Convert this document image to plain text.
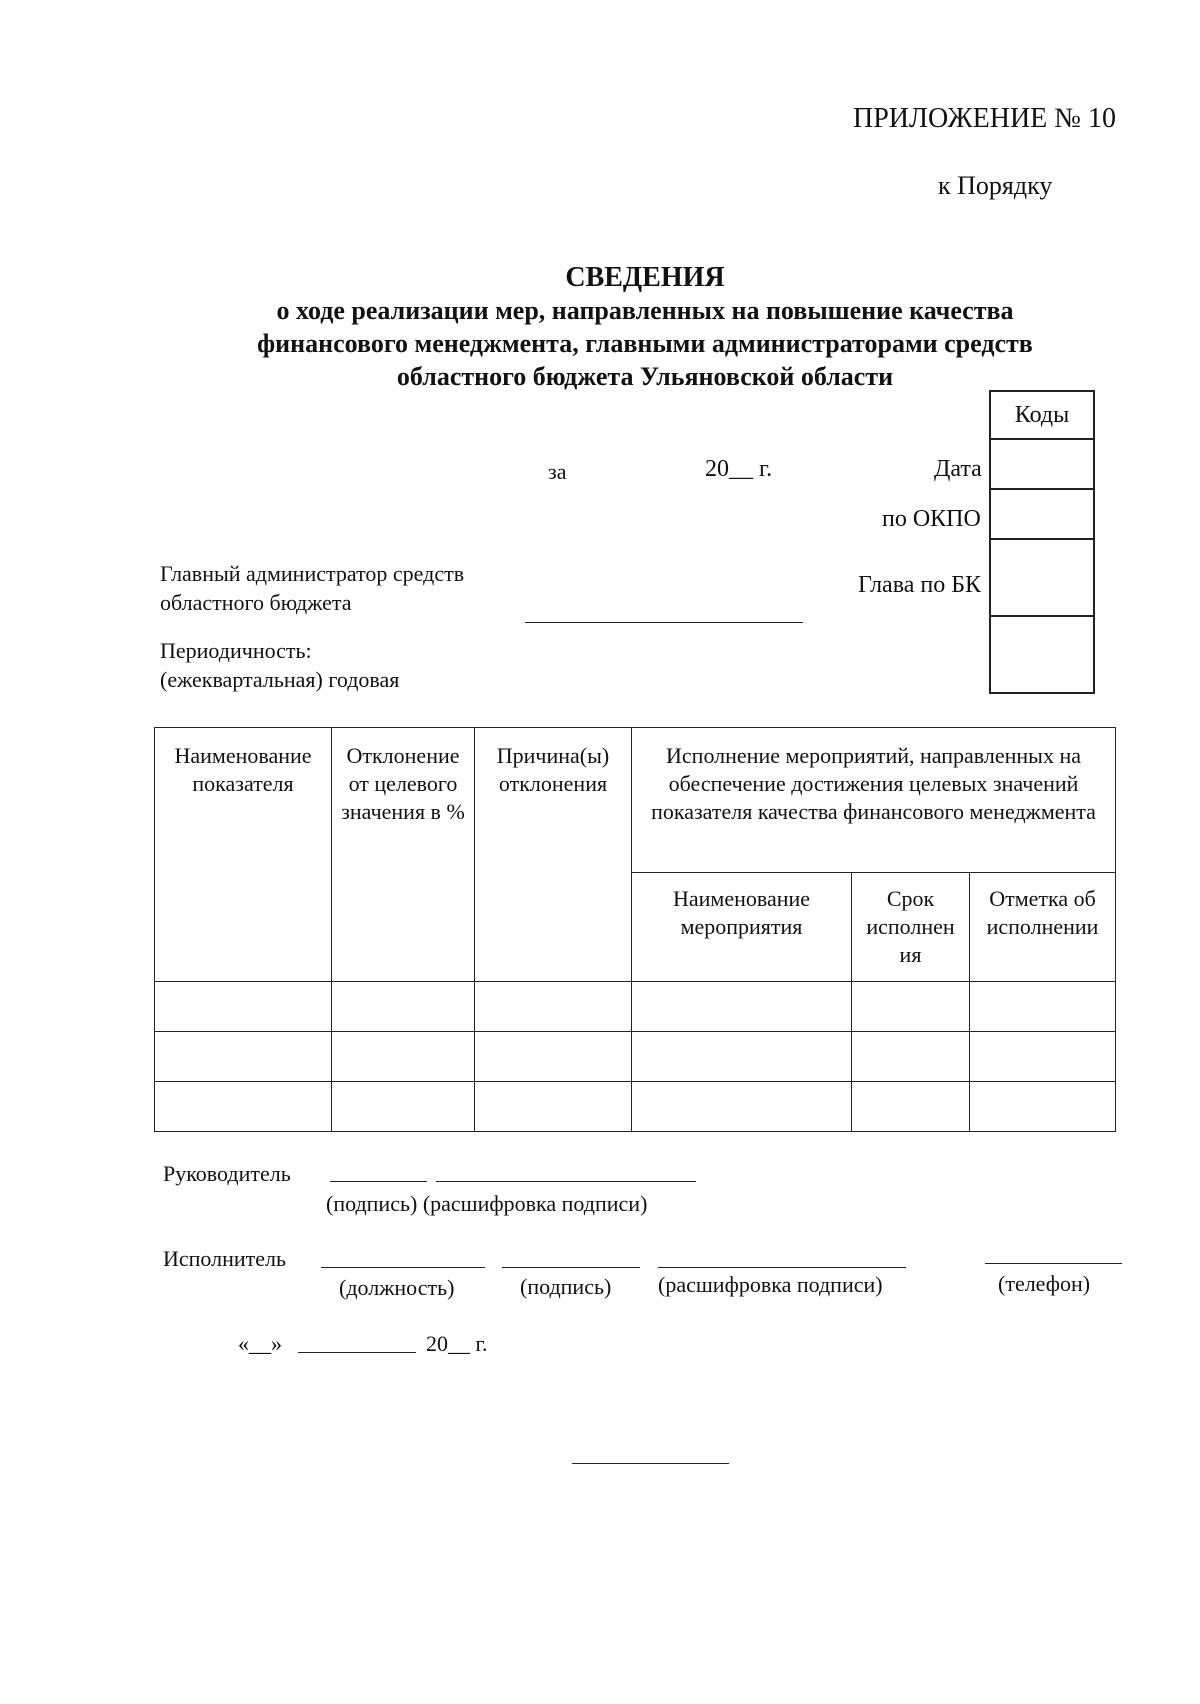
ПРИЛОЖЕНИЕ № 10
к Порядку
СВЕДЕНИЯ
о ходе реализации мер, направленных на повышение качества
финансового менеджмента, главными администраторами средств
областного бюджета Ульяновской области
Коды

Дата
по ОКПО
Глава по БК
за	20__ г.
Главный администратор средств
областного бюджета
Периодичность:
(ежеквартальная) годовая
Наименование показателя	Отклонение от целевого значения в %	Причина(ы) отклонения	Исполнение мероприятий, направленных на обеспечение достижения целевых значений показателя качества финансового менеджмента		
			Наименование мероприятия	Срок исполнен ия	Отметка об исполнении

Руководитель
(подпись) (расшифровка подписи)
Исполнитель
(должность)	(подпись) (расшифровка подписи)	(телефон)
«__»	20__ г.
